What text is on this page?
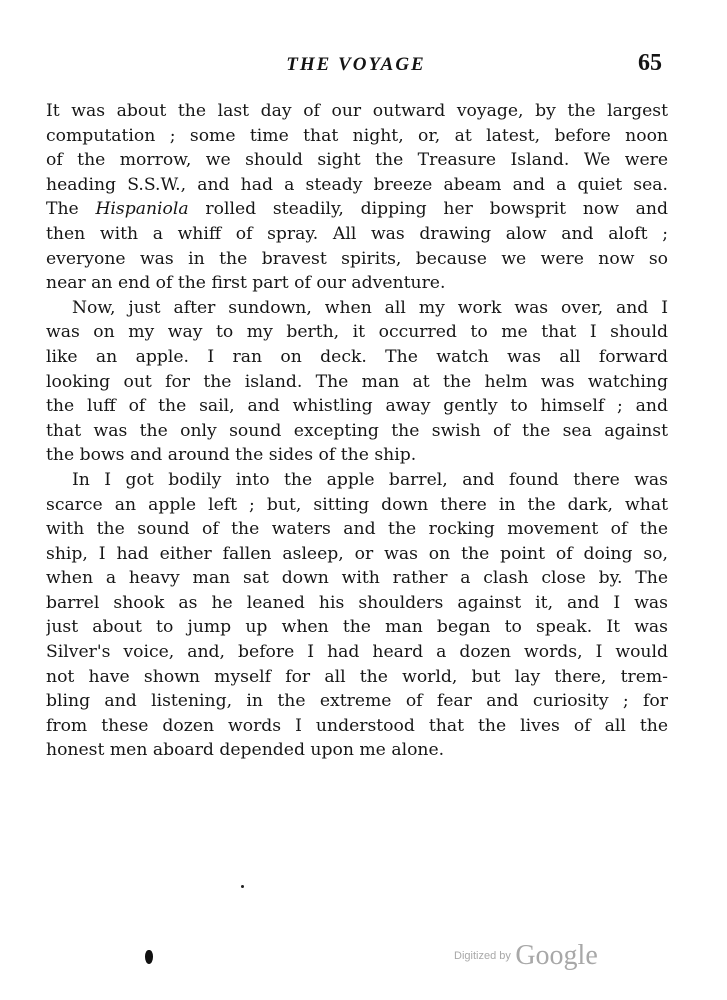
THE VOYAGE	65
It was about the last day of our outward voyage, by the largest
computation ; some time that night, or, at latest, before noon
of the morrow, we should sight the Treasure Island. We were
heading S.S.W., and had a steady breeze abeam and a quiet sea.
The Hispaniola rolled steadily, dipping her bowsprit now and
then with a whiff of spray. All was drawing alow and aloft ;
everyone was in the bravest spirits, because we were now so
near an end of the first part of our adventure.
Now, just after sundown, when all my work was over, and I
was on my way to my berth, it occurred to me that I should
like an apple. I ran on deck. The watch was all forward
looking out for the island. The man at the helm was watching
the luff of the sail, and whistling away gently to himself ; and
that was the only sound excepting the swish of the sea against
the bows and around the sides of the ship.
In I got bodily into the apple barrel, and found there was
scarce an apple left ; but, sitting down there in the dark, what
with the sound of the waters and the rocking movement of the
ship, I had either fallen asleep, or was on the point of doing so,
when a heavy man sat down with rather a clash close by. The
barrel shook as he leaned his shoulders against it, and I was
just about to jump up when the man began to speak. It was
Silver's voice, and, before I had heard a dozen words, I would
not have shown myself for all the world, but lay there, trem-
bling and listening, in the extreme of fear and curiosity ; for
from these dozen words I understood that the lives of all the
honest men aboard depended upon me alone.
Digitized by Google
